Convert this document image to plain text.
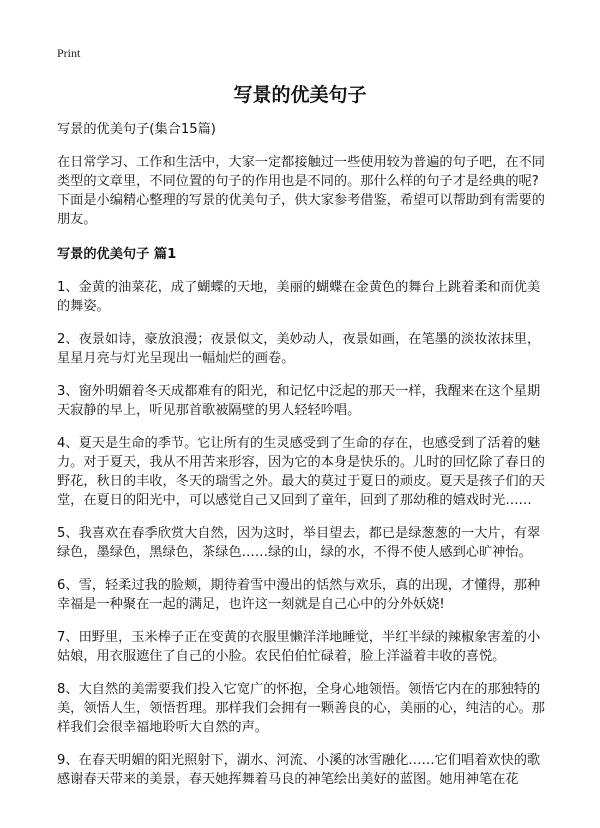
Print
写景的优美句子

写景的优美句子(集合15篇)

在日常学习、工作和生活中，大家一定都接触过一些使用较为普遍的句子吧，在不同类型的文章里，不同位置的句子的作用也是不同的。那什么样的句子才是经典的呢?下面是小编精心整理的写景的优美句子，供大家参考借鉴，希望可以帮助到有需要的朋友。

写景的优美句子 篇1

1、金黄的油菜花，成了蝴蝶的天地，美丽的蝴蝶在金黄色的舞台上跳着柔和而优美的舞姿。

2、夜景如诗，豪放浪漫；夜景似文，美妙动人，夜景如画，在笔墨的淡妆浓抹里，星星月亮与灯光呈现出一幅灿烂的画卷。

3、窗外明媚着冬天成都难有的阳光，和记忆中泛起的那天一样，我醒来在这个星期天寂静的早上，听见那首歌被隔壁的男人轻轻吟唱。

4、夏天是生命的季节。它让所有的生灵感受到了生命的存在，也感受到了活着的魅力。对于夏天，我从不用苦来形容，因为它的本身是快乐的。儿时的回忆除了春日的野花，秋日的丰收，冬天的瑞雪之外。最大的莫过于夏日的顽皮。夏天是孩子们的天堂，在夏日的阳光中，可以感觉自己又回到了童年，回到了那幼稚的嬉戏时光……

5、我喜欢在春季欣赏大自然，因为这时，举目望去，都已是绿葱葱的一大片，有翠绿色，墨绿色，黑绿色，茶绿色……绿的山，绿的水，不得不使人感到心旷神怡。

6、雪，轻柔过我的脸颊，期待着雪中漫出的恬然与欢乐，真的出现，才懂得，那种幸福是一种聚在一起的满足，也许这一刻就是自己心中的分外妖娆!

7、田野里，玉米棒子正在变黄的衣服里懒洋洋地睡觉，半红半绿的辣椒象害羞的小姑娘，用衣服遮住了自己的小脸。农民伯伯忙碌着，脸上洋溢着丰收的喜悦。

8、大自然的美需要我们投入它宽广的怀抱，全身心地领悟。领悟它内在的那独特的美，领悟人生，领悟哲理。那样我们会拥有一颗善良的心，美丽的心，纯洁的心。那样我们会很幸福地聆听大自然的声。

9、在春天明媚的阳光照射下，湖水、河流、小溪的冰雪融化……它们唱着欢快的歌感谢春天带来的美景，春天她挥舞着马良的神笔绘出美好的蓝图。她用神笔在花
